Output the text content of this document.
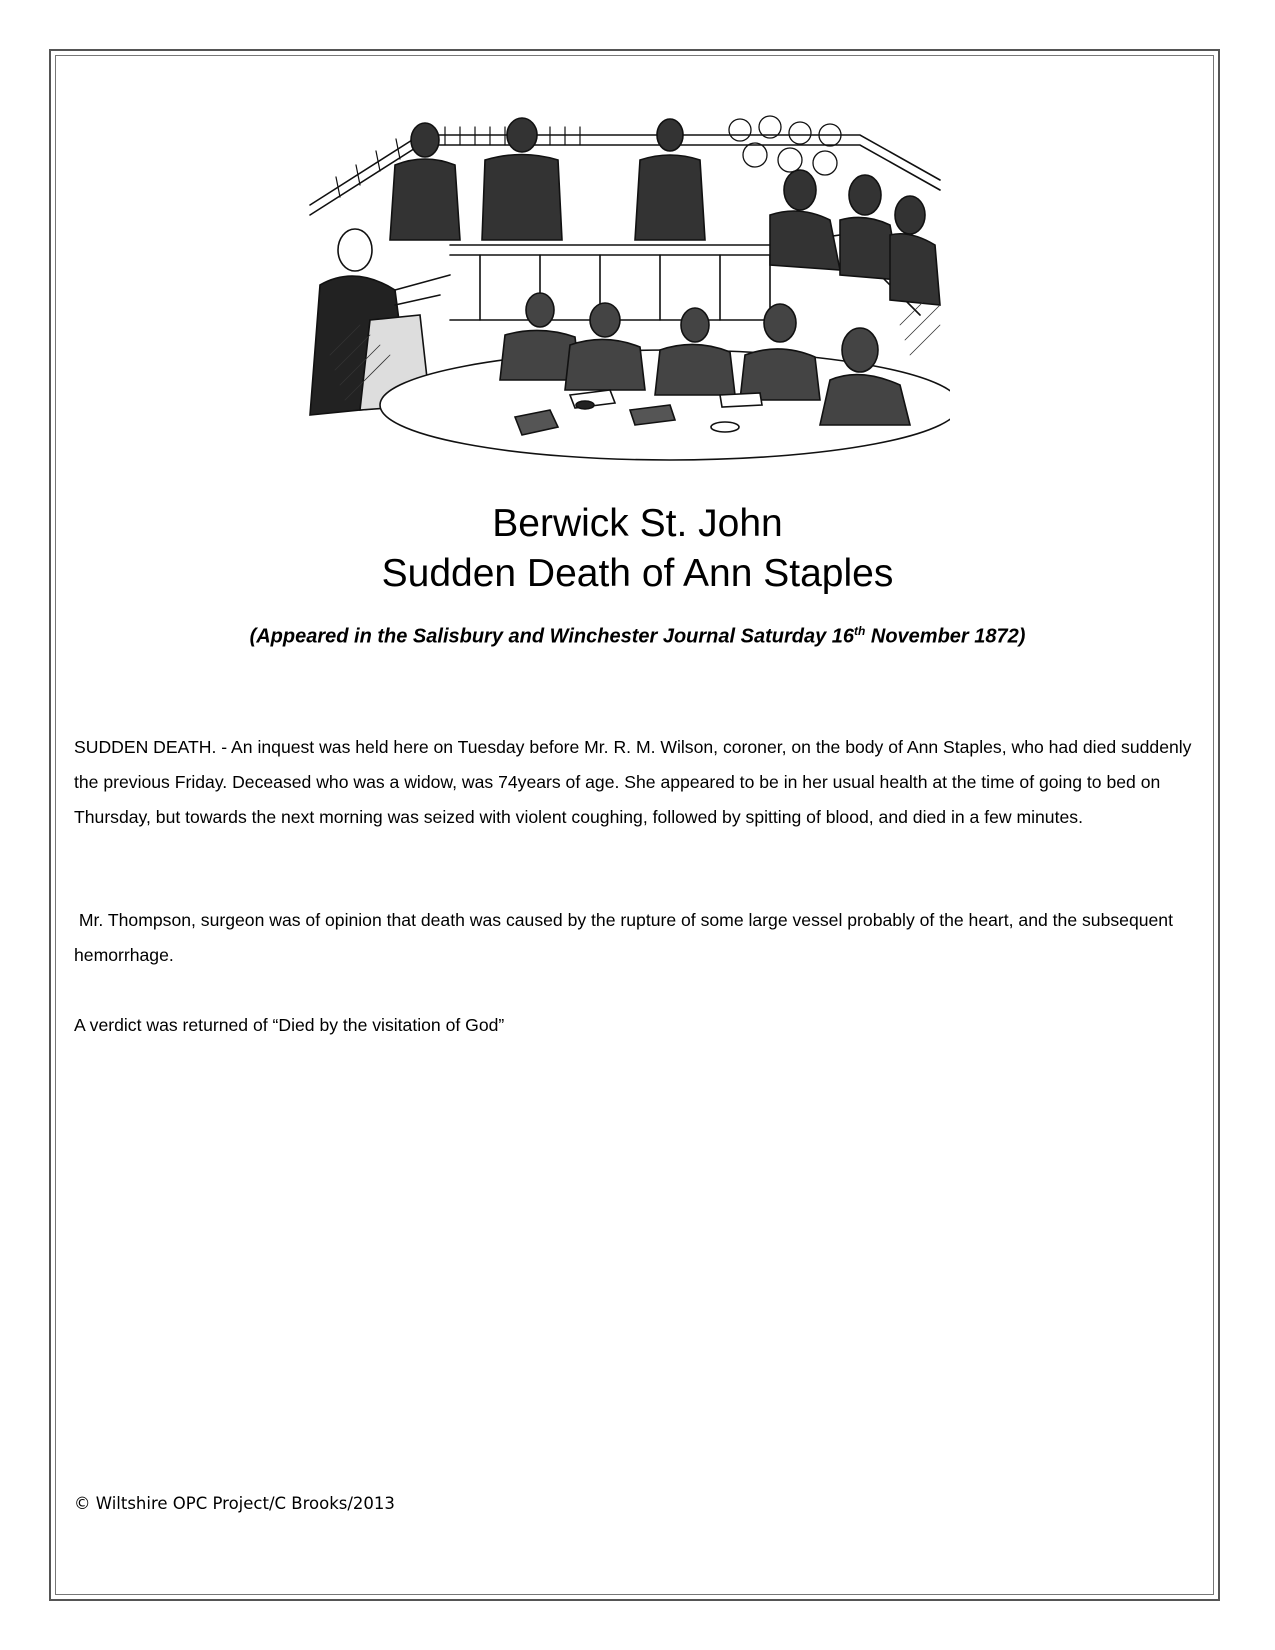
Berwick St. John
Sudden Death of Ann Staples
(Appeared in the Salisbury and Winchester Journal Saturday 16th November 1872)
SUDDEN DEATH. - An inquest was held here on Tuesday before Mr. R. M. Wilson, coroner, on the body of Ann Staples, who had died suddenly the previous Friday. Deceased who was a widow, was 74years of age. She appeared to be in her usual health at the time of going to bed on Thursday, but towards the next morning was seized with violent coughing, followed by spitting of blood, and died in a few minutes.
Mr. Thompson, surgeon was of opinion that death was caused by the rupture of some large vessel probably of the heart, and the subsequent hemorrhage.
A verdict was returned of “Died by the visitation of God”
© Wiltshire OPC Project/C Brooks/2013
